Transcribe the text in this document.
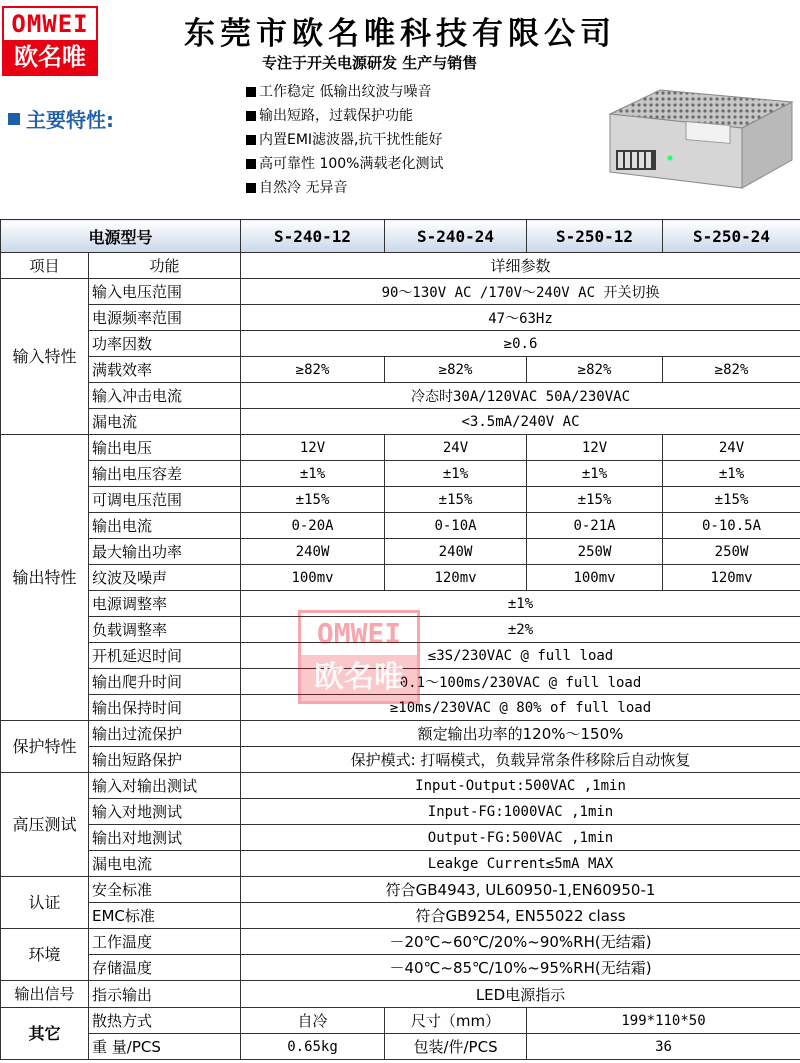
OMWEI
欧名唯
东莞市欧名唯科技有限公司
专注于开关电源研发 生产与销售
主要特性:
工作稳定 低输出纹波与噪音
输出短路，过载保护功能
内置EMI滤波器,抗干扰性能好
高可靠性 100%满载老化测试
自然冷 无异音
电源型号		S-240-12	S-240-24	S-250-12	S-250-24
项目	功能	详细参数			
输入特性	输入电压范围	90～130V AC /170V～240V AC 开关切换			
	电源频率范围	47～63Hz			
	功率因数	≥0.6			
	满载效率	≥82%	≥82%	≥82%	≥82%
	输入冲击电流	冷态时30A/120VAC 50A/230VAC			
	漏电流	<3.5mA/240V AC			
输出特性	输出电压	12V	24V	12V	24V
	输出电压容差	±1%	±1%	±1%	±1%
	可调电压范围	±15%	±15%	±15%	±15%
	输出电流	0-20A	0-10A	0-21A	0-10.5A
	最大输出功率	240W	240W	250W	250W
	纹波及噪声	100mv	120mv	100mv	120mv
	电源调整率	±1%			
	负载调整率	±2%			
	开机延迟时间	≤3S/230VAC @ full load			
	输出爬升时间	0.1～100ms/230VAC @ full load			
	输出保持时间	≥10ms/230VAC @ 80% of full load			
保护特性	输出过流保护	额定输出功率的120%～150%			
	输出短路保护	保护模式: 打嗝模式，负载异常条件移除后自动恢复			
高压测试	输入对输出测试	Input-Output:500VAC ,1min			
	输入对地测试	Input-FG:1000VAC ,1min			
	输出对地测试	Output-FG:500VAC ,1min			
	漏电电流	Leakge Current≤5mA MAX			
认证	安全标准	符合GB4943, UL60950-1,EN60950-1			
	EMC标准	符合GB9254, EN55022 class			
环境	工作温度	－20℃~60℃/20%~90%RH(无结霜)			
	存储温度	－40℃~85℃/10%~95%RH(无结霜)			
输出信号	指示输出	LED电源指示			
其它	散热方式	自冷	尺寸（mm）	199*110*50	
	重 量/PCS	0.65kg	包装/件/PCS	36	
OMWEI
欧名唯
